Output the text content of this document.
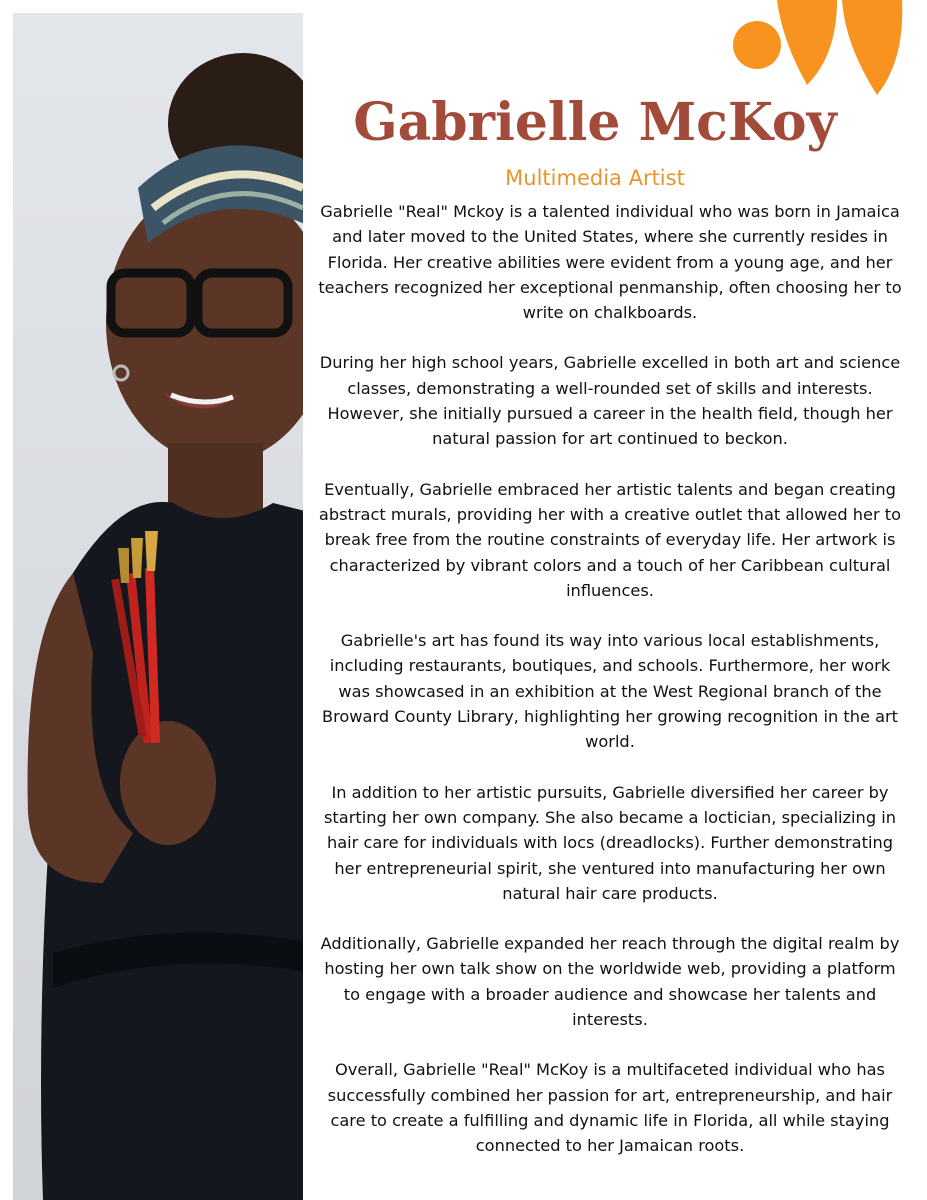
Gabrielle McKoy
Multimedia Artist

Gabrielle "Real" Mckoy is a talented individual who was born in Jamaica and later moved to the United States, where she currently resides in Florida. Her creative abilities were evident from a young age, and her teachers recognized her exceptional penmanship, often choosing her to write on chalkboards.

During her high school years, Gabrielle excelled in both art and science classes, demonstrating a well-rounded set of skills and interests. However, she initially pursued a career in the health field, though her natural passion for art continued to beckon.

Eventually, Gabrielle embraced her artistic talents and began creating abstract murals, providing her with a creative outlet that allowed her to break free from the routine constraints of everyday life. Her artwork is characterized by vibrant colors and a touch of her Caribbean cultural influences.

Gabrielle's art has found its way into various local establishments, including restaurants, boutiques, and schools. Furthermore, her work was showcased in an exhibition at the West Regional branch of the Broward County Library, highlighting her growing recognition in the art world.

In addition to her artistic pursuits, Gabrielle diversified her career by starting her own company. She also became a loctician, specializing in hair care for individuals with locs (dreadlocks). Further demonstrating her entrepreneurial spirit, she ventured into manufacturing her own natural hair care products.

Additionally, Gabrielle expanded her reach through the digital realm by hosting her own talk show on the worldwide web, providing a platform to engage with a broader audience and showcase her talents and interests.

Overall, Gabrielle "Real" McKoy is a multifaceted individual who has successfully combined her passion for art, entrepreneurship, and hair care to create a fulfilling and dynamic life in Florida, all while staying connected to her Jamaican roots.
